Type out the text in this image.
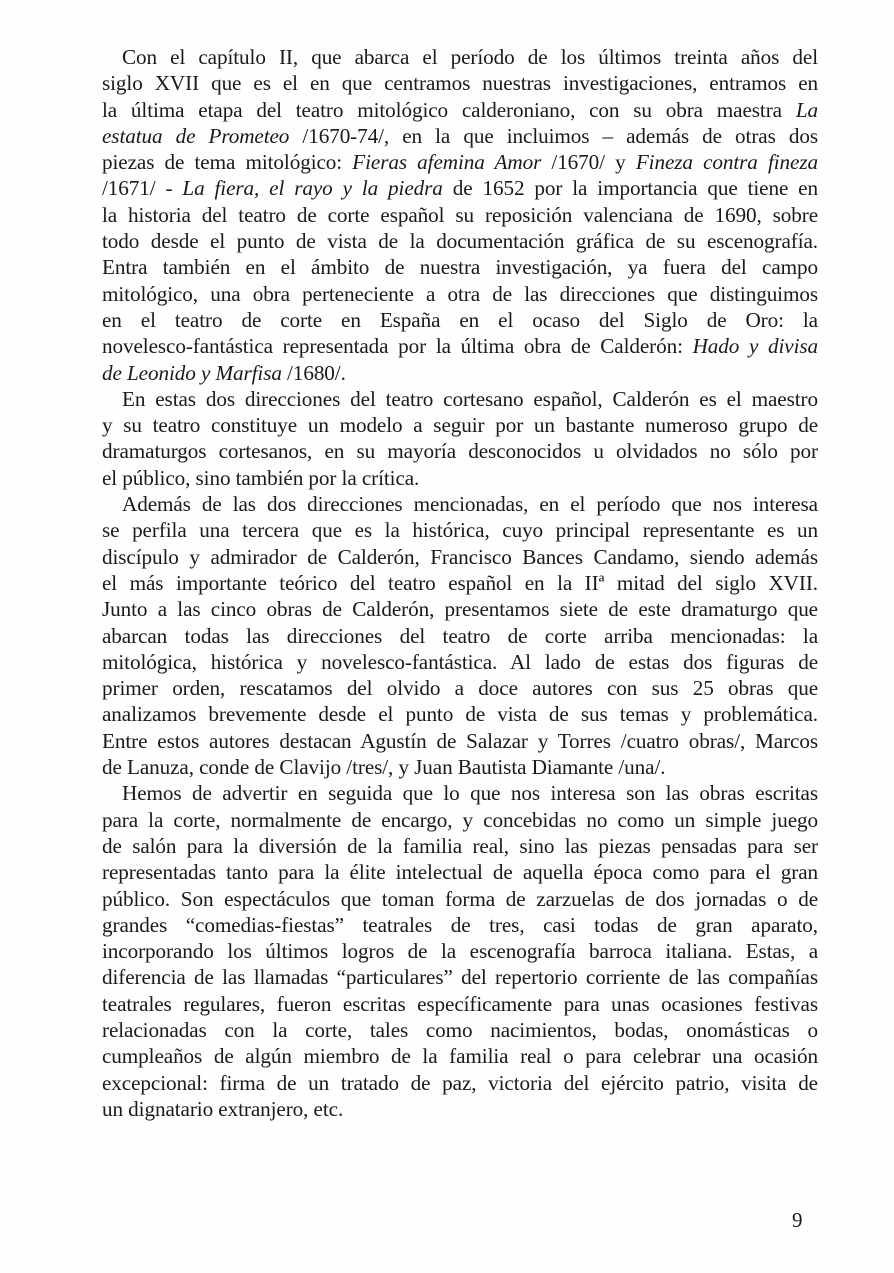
Con el capítulo II, que abarca el período de los últimos treinta años del
siglo XVII que es el en que centramos nuestras investigaciones, entramos en
la última etapa del teatro mitológico calderoniano, con su obra maestra La
estatua de Prometeo /1670-74/, en la que incluimos – además de otras dos
piezas de tema mitológico: Fieras afemina Amor /1670/ y Fineza contra fineza
/1671/ - La fiera, el rayo y la piedra de 1652 por la importancia que tiene en
la historia del teatro de corte español su reposición valenciana de 1690, sobre
todo desde el punto de vista de la documentación gráfica de su escenografía.
Entra también en el ámbito de nuestra investigación, ya fuera del campo
mitológico, una obra perteneciente a otra de las direcciones que distinguimos
en el teatro de corte en España en el ocaso del Siglo de Oro: la
novelesco-fantástica representada por la última obra de Calderón: Hado y divisa
de Leonido y Marfisa /1680/.
En estas dos direcciones del teatro cortesano español, Calderón es el maestro
y su teatro constituye un modelo a seguir por un bastante numeroso grupo de
dramaturgos cortesanos, en su mayoría desconocidos u olvidados no sólo por
el público, sino también por la crítica.
Además de las dos direcciones mencionadas, en el período que nos interesa
se perfila una tercera que es la histórica, cuyo principal representante es un
discípulo y admirador de Calderón, Francisco Bances Candamo, siendo además
el más importante teórico del teatro español en la IIª mitad del siglo XVII.
Junto a las cinco obras de Calderón, presentamos siete de este dramaturgo que
abarcan todas las direcciones del teatro de corte arriba mencionadas: la
mitológica, histórica y novelesco-fantástica. Al lado de estas dos figuras de
primer orden, rescatamos del olvido a doce autores con sus 25 obras que
analizamos brevemente desde el punto de vista de sus temas y problemática.
Entre estos autores destacan Agustín de Salazar y Torres /cuatro obras/, Marcos
de Lanuza, conde de Clavijo /tres/, y Juan Bautista Diamante /una/.
Hemos de advertir en seguida que lo que nos interesa son las obras escritas
para la corte, normalmente de encargo, y concebidas no como un simple juego
de salón para la diversión de la familia real, sino las piezas pensadas para ser
representadas tanto para la élite intelectual de aquella época como para el gran
público. Son espectáculos que toman forma de zarzuelas de dos jornadas o de
grandes “comedias-fiestas” teatrales de tres, casi todas de gran aparato,
incorporando los últimos logros de la escenografía barroca italiana. Estas, a
diferencia de las llamadas “particulares” del repertorio corriente de las compañías
teatrales regulares, fueron escritas específicamente para unas ocasiones festivas
relacionadas con la corte, tales como nacimientos, bodas, onomásticas o
cumpleaños de algún miembro de la familia real o para celebrar una ocasión
excepcional: firma de un tratado de paz, victoria del ejército patrio, visita de
un dignatario extranjero, etc.
9
